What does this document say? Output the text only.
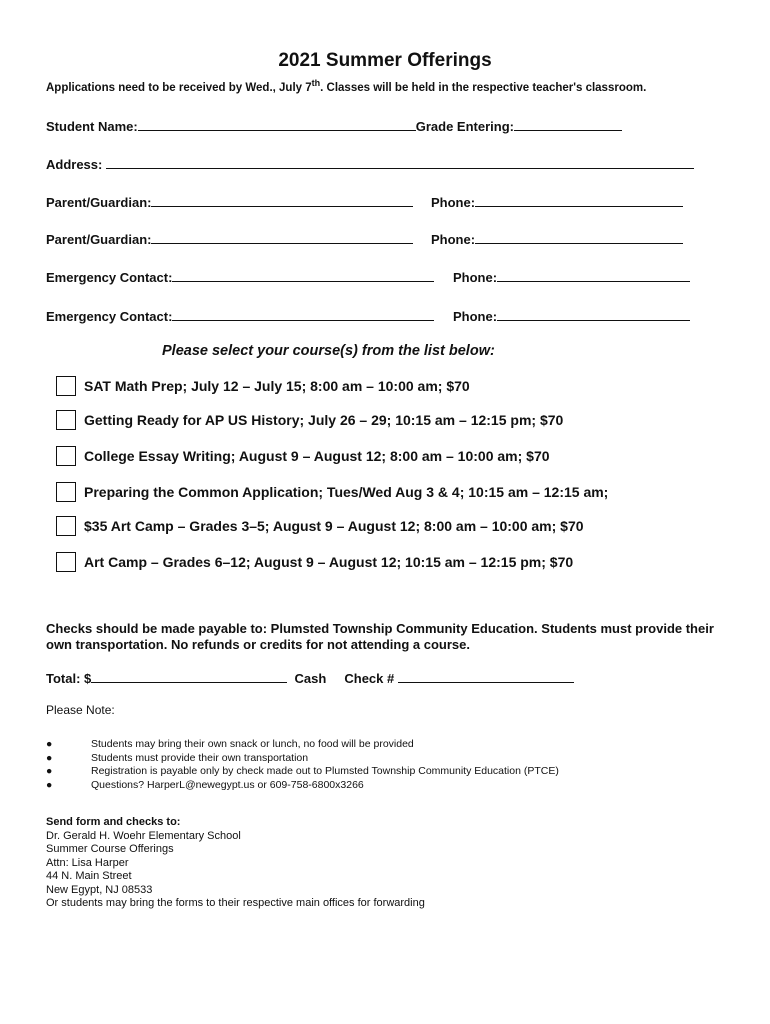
2021 Summer Offerings
Applications need to be received by Wed., July 7th. Classes will be held in the respective teacher's classroom.
Student Name:	Grade Entering:
Address:
Parent/Guardian:	Phone:
Parent/Guardian:	Phone:
Emergency Contact:	Phone:
Emergency Contact:	Phone:
Please select your course(s) from the list below:
SAT Math Prep; July 12 – July 15; 8:00 am – 10:00 am; $70
Getting Ready for AP US History; July 26 – 29; 10:15 am – 12:15 pm; $70
College Essay Writing; August 9 – August 12; 8:00 am – 10:00 am; $70
Preparing the Common Application; Tues/Wed Aug 3 & 4; 10:15 am – 12:15 am;
$35 Art Camp – Grades 3–5; August 9 – August 12; 8:00 am – 10:00 am; $70
Art Camp – Grades 6–12; August 9 – August 12; 10:15 am – 12:15 pm; $70
Checks should be made payable to: Plumsted Township Community Education. Students must provide their own transportation. No refunds or credits for not attending a course.
Total: $	Cash Check #
Please Note:
●	Students may bring their own snack or lunch, no food will be provided
●	Students must provide their own transportation
●	Registration is payable only by check made out to Plumsted Township Community Education (PTCE)
●	Questions? HarperL@newegypt.us or 609-758-6800x3266
Send form and checks to:
Dr. Gerald H. Woehr Elementary School
Summer Course Offerings
Attn: Lisa Harper
44 N. Main Street
New Egypt, NJ 08533
Or students may bring the forms to their respective main offices for forwarding
